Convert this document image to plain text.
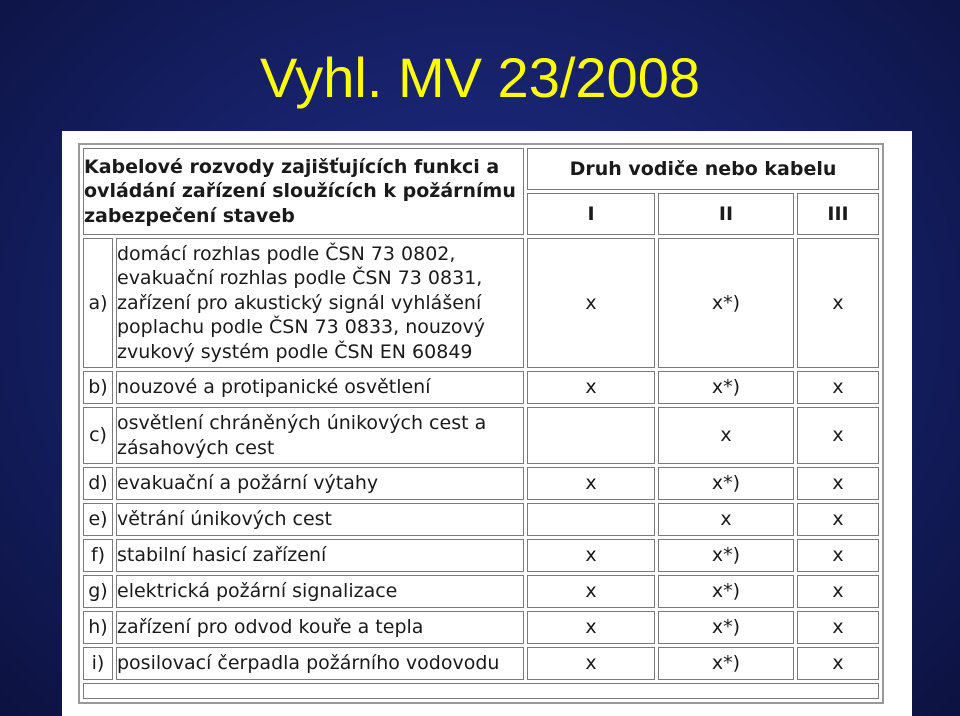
Vyhl. MV 23/2008
Kabelové rozvody zajišťujících funkci a ovládání zařízení sloužících k požárnímu zabezpečení staveb		Druh vodiče nebo kabelu		
		I	II	III
a)	domácí rozhlas podle ČSN 73 0802, evakuační rozhlas podle ČSN 73 0831, zařízení pro akustický signál vyhlášení poplachu podle ČSN 73 0833, nouzový zvukový systém podle ČSN EN 60849	x	x*)	x
b)	nouzové a protipanické osvětlení	x	x*)	x
c)	osvětlení chráněných únikových cest a zásahových cest		x	x
d)	evakuační a požární výtahy	x	x*)	x
e)	větrání únikových cest		x	x
f)	stabilní hasicí zařízení	x	x*)	x
g)	elektrická požární signalizace	x	x*)	x
h)	zařízení pro odvod kouře a tepla	x	x*)	x
i)	posilovací čerpadla požárního vodovodu	x	x*)	x
